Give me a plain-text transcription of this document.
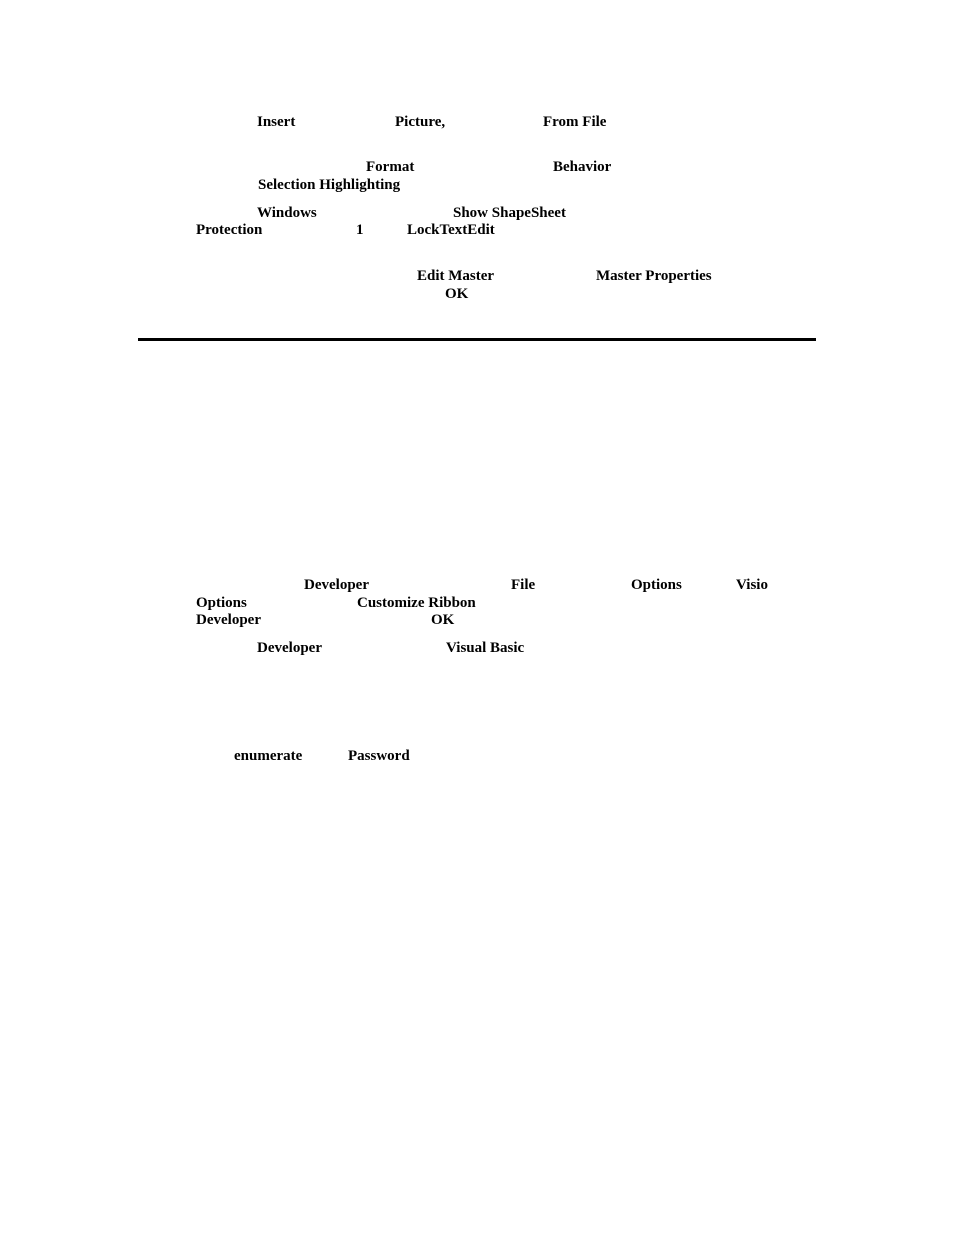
Insert	Picture,	From File
Format	Behavior
Selection Highlighting
Windows	Show ShapeSheet
Protection	1	LockTextEdit
Edit Master	Master Properties
OK
Developer	File	Options	Visio
Options	Customize Ribbon
Developer	OK
Developer	Visual Basic
enumerate	Password
